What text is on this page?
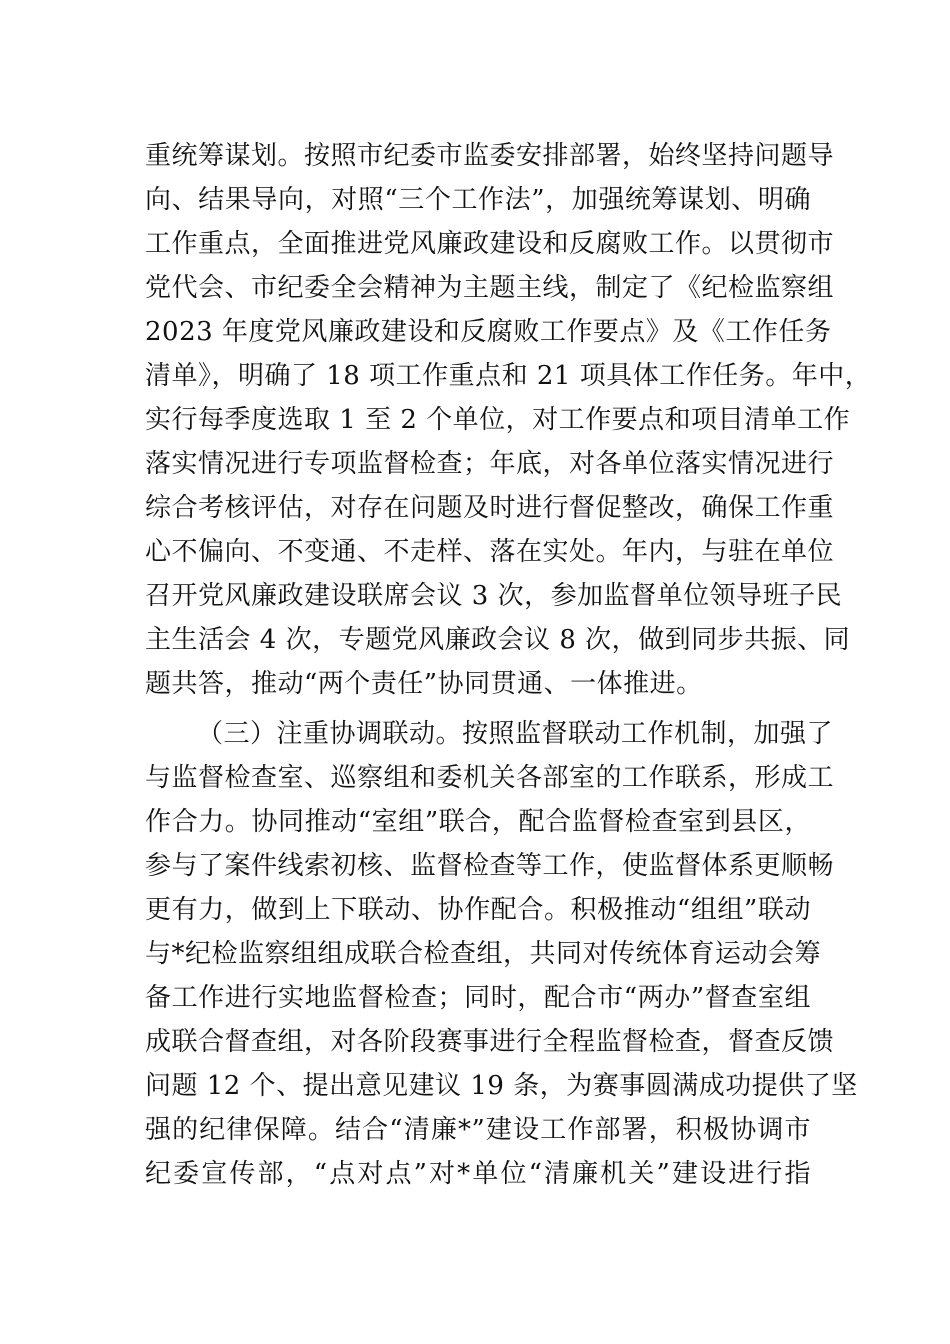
重统筹谋划。按照市纪委市监委安排部署，始终坚持问题导
向、结果导向，对照“三个工作法”，加强统筹谋划、明确
工作重点，全面推进党风廉政建设和反腐败工作。以贯彻市
党代会、市纪委全会精神为主题主线，制定了《纪检监察组
2023 年度党风廉政建设和反腐败工作要点》及《工作任务
清单》，明确了 18 项工作重点和 21 项具体工作任务。年中，
实行每季度选取 1 至 2 个单位，对工作要点和项目清单工作
落实情况进行专项监督检查；年底，对各单位落实情况进行
综合考核评估，对存在问题及时进行督促整改，确保工作重
心不偏向、不变通、不走样、落在实处。年内，与驻在单位
召开党风廉政建设联席会议 3 次，参加监督单位领导班子民
主生活会 4 次，专题党风廉政会议 8 次，做到同步共振、同
题共答，推动“两个责任”协同贯通、一体推进。
（三）注重协调联动。按照监督联动工作机制，加强了
与监督检查室、巡察组和委机关各部室的工作联系，形成工
作合力。协同推动“室组”联合，配合监督检查室到县区，
参与了案件线索初核、监督检查等工作，使监督体系更顺畅
更有力，做到上下联动、协作配合。积极推动“组组”联动
与*纪检监察组组成联合检查组，共同对传统体育运动会筹
备工作进行实地监督检查；同时，配合市“两办”督查室组
成联合督查组，对各阶段赛事进行全程监督检查，督查反馈
问题 12 个、提出意见建议 19 条，为赛事圆满成功提供了坚
强的纪律保障。结合“清廉*”建设工作部署，积极协调市
纪委宣传部，“点对点”对*单位“清廉机关”建设进行指
